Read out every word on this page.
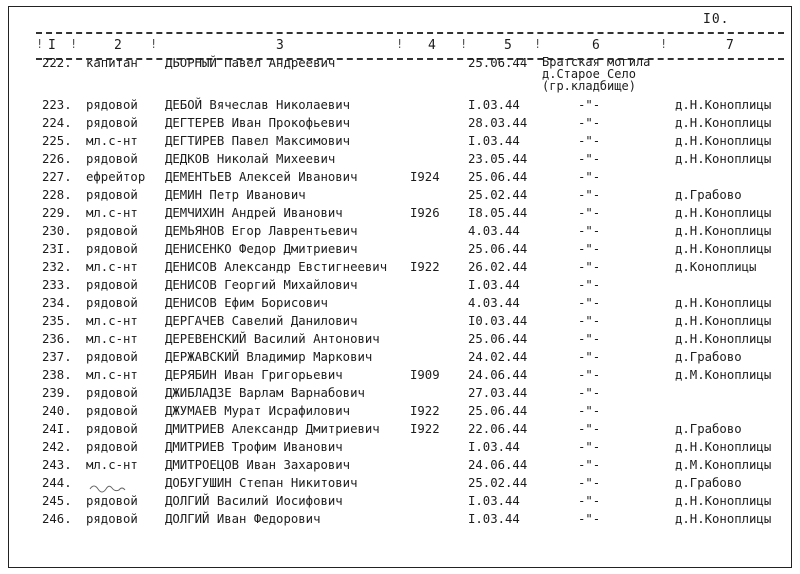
I0.
! I !	2 !	3	! 4 !	5 !	6	!	7
222. капитан ДЬОРНЫЙ Павел Андреевич	25.06.44 Братская могила д.Старое Село (гр.кладбище)
223. рядовой ДЕБОЙ Вячеслав Николаевич	I.03.44	-"-	д.Н.Коноплицы
224. рядовой ДЕГТЕРЕВ Иван Прокофьевич	28.03.44	-"-	д.Н.Коноплицы
225. мл.с-нт ДЕГТИРЕВ Павел Максимович	I.03.44	-"-	д.Н.Коноплицы
226. рядовой ДЕДКОВ Николай Михеевич	23.05.44	-"-	д.Н.Коноплицы
227. ефрейтор ДЕМЕНТЬЕВ Алексей Иванович	I924 25.06.44	-"-
228. рядовой ДЕМИН Петр Иванович	25.02.44	-"-	д.Грабово
229. мл.с-нт ДЕМЧИХИН Андрей Иванович	I926 I8.05.44	-"-	д.Н.Коноплицы
230. рядовой ДЕМЬЯНОВ Егор Лаврентьевич	4.03.44	-"-	д.Н.Коноплицы
23I. рядовой ДЕНИСЕНКО Федор Дмитриевич	25.06.44	-"-	д.Н.Коноплицы
232. мл.с-нт ДЕНИСОВ Александр Евстигнеевич I922 26.02.44	-"-	д.Коноплицы
233. рядовой ДЕНИСОВ Георгий Михайлович	I.03.44	-"-
234. рядовой ДЕНИСОВ Ефим Борисович	4.03.44	-"-	д.Н.Коноплицы
235. мл.с-нт ДЕРГАЧЕВ Савелий Данилович	I0.03.44	-"-	д.Н.Коноплицы
236. мл.с-нт ДЕРЕВЕНСКИЙ Василий Антонович	25.06.44	-"-	д.Н.Коноплицы
237. рядовой ДЕРЖАВСКИЙ Владимир Маркович	24.02.44	-"-	д.Грабово
238. мл.с-нт ДЕРЯБИН Иван Григорьевич	I909 24.06.44	-"-	д.М.Коноплицы
239. рядовой ДЖИБЛАДЗЕ Варлам Варнабович	27.03.44	-"-
240. рядовой ДЖУМАЕВ Мурат Исрафилович	I922 25.06.44	-"-
24I. рядовой ДМИТРИЕВ Александр Дмитриевич I922 22.06.44	-"-	д.Грабово
242. рядовой ДМИТРИЕВ Трофим Иванович	I.03.44	-"-	д.Н.Коноплицы
243. мл.с-нт ДМИТРОЕЦОВ Иван Захарович	24.06.44	-"-	д.М.Коноплицы
244.	ДОБУГУШИН Степан Никитович	25.02.44	-"-	д.Грабово
245. рядовой ДОЛГИЙ Василий Иосифович	I.03.44	-"-	д.Н.Коноплицы
246. рядовой ДОЛГИЙ Иван Федорович	I.03.44	-"-	д.Н.Коноплицы
